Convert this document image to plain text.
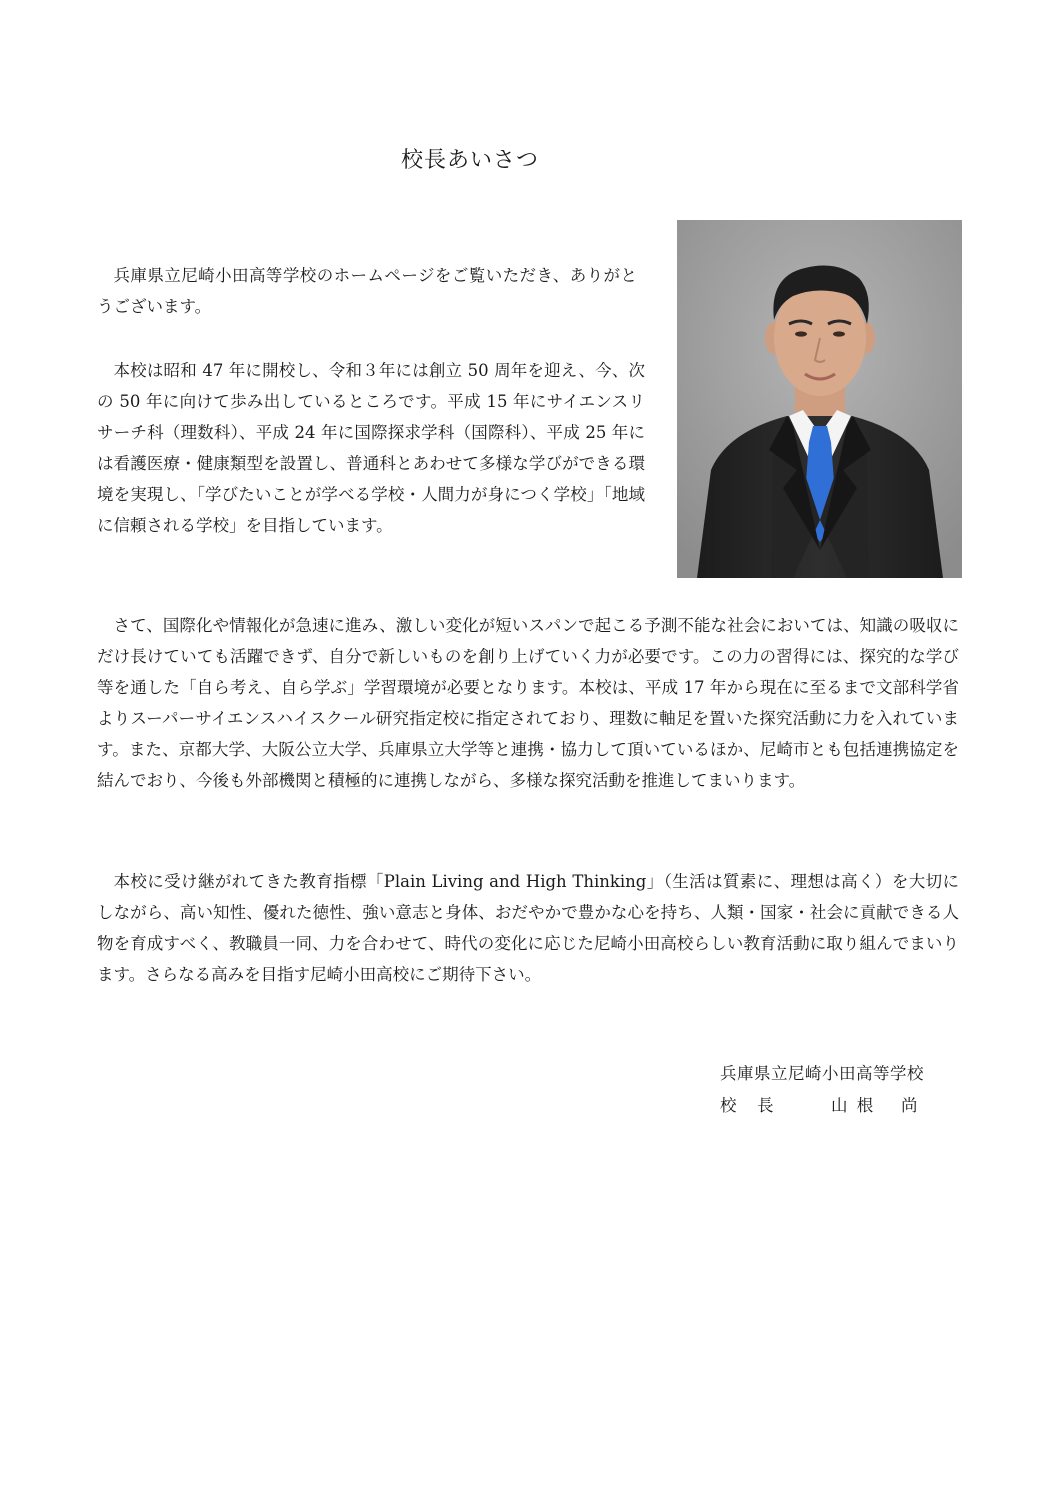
校長あいさつ

兵庫県立尼崎小田高等学校のホームページをご覧いただき、ありがとうございます。

本校は昭和 47 年に開校し、令和３年には創立 50 周年を迎え、今、次の 50 年に向けて歩み出しているところです。平成 15 年にサイエンスリサーチ科（理数科）、平成 24 年に国際探求学科（国際科）、平成 25 年には看護医療・健康類型を設置し、普通科とあわせて多様な学びができる環境を実現し、「学びたいことが学べる学校・人間力が身につく学校」「地域に信頼される学校」を目指しています。

さて、国際化や情報化が急速に進み、激しい変化が短いスパンで起こる予測不能な社会においては、知識の吸収にだけ長けていても活躍できず、自分で新しいものを創り上げていく力が必要です。この力の習得には、探究的な学び等を通した「自ら考え、自ら学ぶ」学習環境が必要となります。本校は、平成 17 年から現在に至るまで文部科学省よりスーパーサイエンスハイスクール研究指定校に指定されており、理数に軸足を置いた探究活動に力を入れています。また、京都大学、大阪公立大学、兵庫県立大学等と連携・協力して頂いているほか、尼崎市とも包括連携協定を結んでおり、今後も外部機関と積極的に連携しながら、多様な探究活動を推進してまいります。

本校に受け継がれてきた教育指標「Plain Living and High Thinking」（生活は質素に、理想は高く）を大切にしながら、高い知性、優れた徳性、強い意志と身体、おだやかで豊かな心を持ち、人類・国家・社会に貢献できる人物を育成すべく、教職員一同、力を合わせて、時代の変化に応じた尼崎小田高校らしい教育活動に取り組んでまいります。さらなる高みを目指す尼崎小田高校にご期待下さい。

兵庫県立尼崎小田高等学校
校　長　　　	山 根　 尚
